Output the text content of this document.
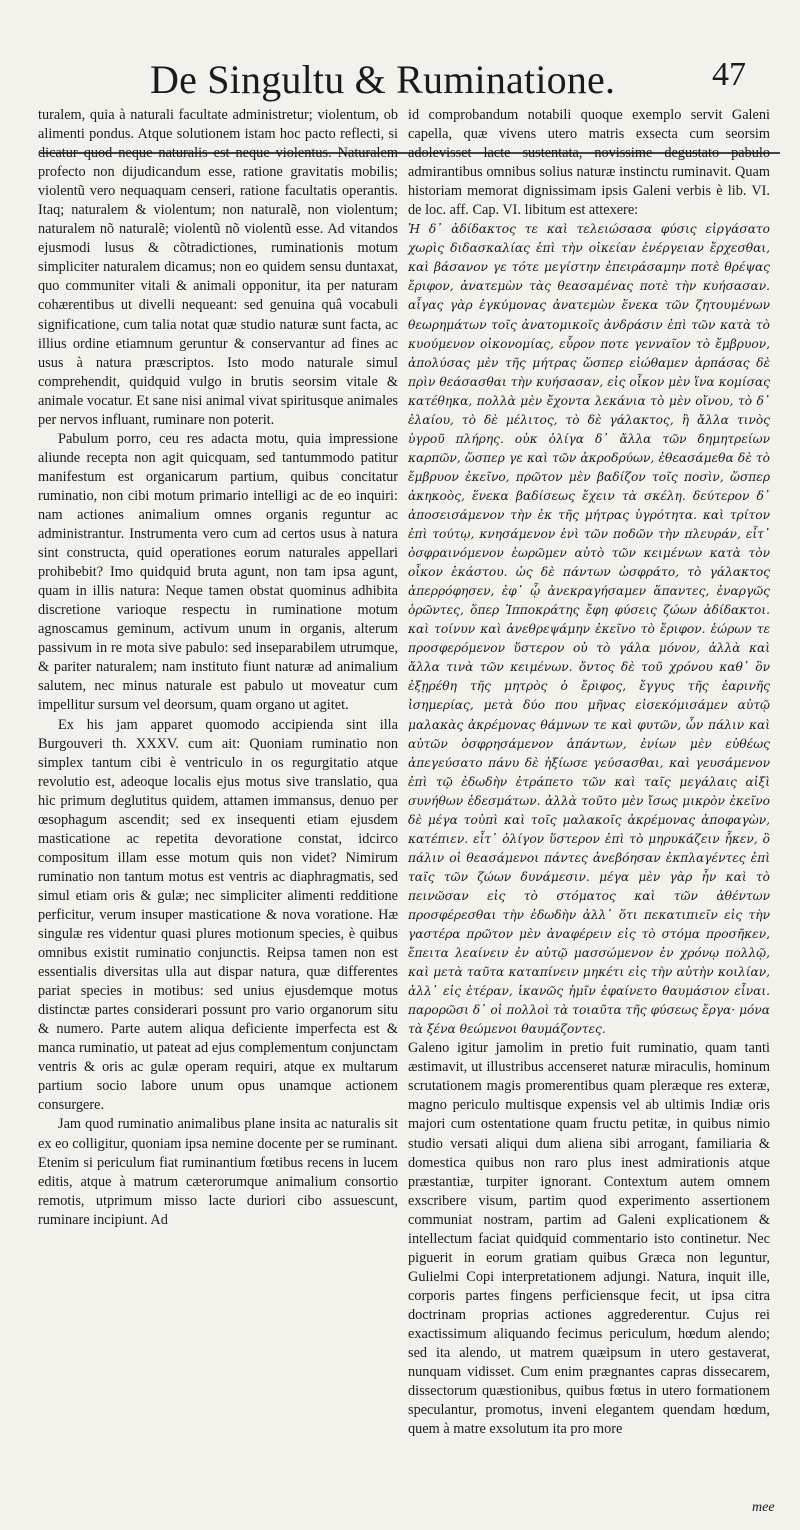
De Singultu & Ruminatione.	47

turalem, quia à naturali facultate administretur; violentum, ob alimenti pondus. Atque solutionem istam hoc pacto reflecti, si dicatur quod neque naturalis est neque violentus. Naturalem profecto non dijudicandum esse, ratione gravitatis mobilis; violentũ vero nequaquam censeri, ratione facultatis operantis. Itaq; naturalem & violentum; non naturalẽ, non violentum; naturalem nõ naturalẽ; violentũ nõ violentũ esse. Ad vitandos ejusmodi lusus & cõtradictiones, ruminationis motum simpliciter naturalem dicamus; non eo quidem sensu duntaxat, quo communiter vitali & animali opponitur, ita per naturam cohærentibus ut divelli nequeant: sed genuina quâ vocabuli significatione, cum talia notat quæ studio naturæ sunt facta, ac illius ordine etiamnum geruntur & conservantur ad fines ac usus à natura præscriptos. Isto modo naturale simul comprehendit, quidquid vulgo in brutis seorsim vitale & animale vocatur. Et sane nisi animal vivat spiritusque animales per nervos influant, ruminare non poterit.

Pabulum porro, ceu res adacta motu, quia impressione aliunde recepta non agit quicquam, sed tantummodo patitur manifestum est organicarum partium, quibus concitatur ruminatio, non cibi motum primario intelligi ac de eo inquiri: nam actiones animalium omnes organis reguntur ac administrantur. Instrumenta vero cum ad certos usus à natura sint constructa, quid operationes eorum naturales appellari prohibebit? Imo quidquid bruta agunt, non tam ipsa agunt, quam in illis natura: Neque tamen obstat quominus adhibita discretione varioque respectu in ruminatione motum agnoscamus geminum, activum unum in organis, alterum passivum in re mota sive pabulo: sed inseparabilem utrumque, & pariter naturalem; nam instituto fiunt naturæ ad animalium salutem, nec minus naturale est pabulo ut moveatur cum impellitur sursum vel deorsum, quam organo ut agitet.

Ex his jam apparet quomodo accipienda sint illa Burgouveri th. XXXV. cum ait: Quoniam ruminatio non simplex tantum cibi è ventriculo in os regurgitatio atque revolutio est, adeoque localis ejus motus sive translatio, qua hic primum deglutitus quidem, attamen immansus, denuo per œsophagum ascendit; sed ex insequenti etiam ejusdem masticatione ac repetita devoratione constat, idcirco compositum illam esse motum quis non videt? Nimirum ruminatio non tantum motus est ventris ac diaphragmatis, sed simul etiam oris & gulæ; nec simpliciter alimenti redditione perficitur, verum insuper masticatione & nova voratione. Hæ singulæ res videntur quasi plures motionum species, è quibus omnibus existit ruminatio conjunctis. Reipsa tamen non est essentialis diversitas ulla aut dispar natura, quæ differentes pariat species in motibus: sed unius ejusdemque motus distinctæ partes considerari possunt pro vario organorum situ & numero. Parte autem aliqua deficiente imperfecta est & manca ruminatio, ut pateat ad ejus complementum conjunctam ventris & oris ac gulæ operam requiri, atque ex multarum partium socio labore unum opus unamque actionem consurgere.

Jam quod ruminatio animalibus plane insita ac naturalis sit ex eo colligitur, quoniam ipsa nemine docente per se ruminant. Etenim si periculum fiat ruminantium fœtibus recens in lucem editis, atque à matrum cæterorumque animalium consortio remotis, utprimum misso lacte duriori cibo assuescunt, ruminare incipiunt. Ad

id comprobandum notabili quoque exemplo servit Galeni capella, quæ vivens utero matris exsecta cum seorsim adolevisset lacte sustentata, novissime degustato pabulo admirantibus omnibus solius naturæ instinctu ruminavit. Quam historiam memorat dignissimam ipsis Galeni verbis è lib. VI. de loc. aff. Cap. VI. libitum est attexere:

Ἡ δ᾽ ἀδίδακτος τε καὶ τελειώσασα φύσις εἰργάσατο χωρὶς διδασκαλίας ἐπὶ τὴν οἰκείαν ἐνέργειαν ἔρχεσθαι, καὶ βάσανον γε τότε μεγίστην ἐπειράσαμην ποτὲ θρέψας ἔριφον, ἀνατεμὼν τὰς θεασαμένας ποτὲ τὴν κυήσασαν. αἶγας γὰρ ἐγκύμονας ἀνατεμὼν ἕνεκα τῶν ζητουμένων θεωρημάτων τοῖς ἀνατομικοῖς ἀνδράσιν ἐπὶ τῶν κατὰ τὸ κυούμενον οἰκονομίας, εὗρον ποτε γενναῖον τὸ ἔμβρυον, ἀπολύσας μὲν τῆς μήτρας ὥσπερ εἰώθαμεν ἁρπάσας δὲ πρὶν θεάσασθαι τὴν κυήσασαν, εἰς οἶκον μὲν ἵνα κομίσας κατέθηκα, πολλὰ μὲν ἔχοντα λεκάνια τὸ μὲν οἴνου, τὸ δ᾽ ἐλαίου, τὸ δὲ μέλιτος, τὸ δὲ γάλακτος, ἢ ἄλλα τινὸς ὑγροῦ πλήρης. οὐκ ὀλίγα δ᾽ ἄλλα τῶν δημητρείων καρπῶν, ὥσπερ γε καὶ τῶν ἀκροδρύων, ἐθεασάμεθα δὲ τὸ ἔμβρυον ἐκεῖνο, πρῶτον μὲν βαδίζον τοῖς ποσὶν, ὥσπερ ἀκηκοὸς, ἕνεκα βαδίσεως ἔχειν τὰ σκέλη. δεύτερον δ᾽ ἀποσεισάμενον τὴν ἐκ τῆς μήτρας ὑγρότητα. καὶ τρίτον ἐπὶ τούτῳ, κνησάμενον ἑνὶ τῶν ποδῶν τὴν πλευράν, εἶτ᾽ ὀσφραινόμενον ἑωρῶμεν αὐτὸ τῶν κειμένων κατὰ τὸν οἶκον ἑκάστου. ὡς δὲ πάντων ὠσφράτο, τὸ γάλακτος ἀπερρόφησεν, ἐφ᾽ ᾧ ἀνεκραγήσαμεν ἅπαντες, ἐναργῶς ὁρῶντες, ὅπερ Ἱπποκράτης ἔφη φύσεις ζώων ἀδίδακτοι. καὶ τοίνυν καὶ ἀνεθρεψάμην ἐκεῖνο τὸ ἔριφον. ἑώρων τε προσφερόμενον ὕστερον οὐ τὸ γάλα μόνον, ἀλλὰ καὶ ἄλλα τινὰ τῶν κειμένων. ὄντος δὲ τοῦ χρόνου καθ᾽ ὃν ἐξῃρέθη τῆς μητρὸς ὁ ἔριφος, ἔγγυς τῆς ἐαρινῆς ἰσημερίας, μετὰ δύο που μῆνας εἰσεκόμισάμεν αὐτῷ μαλακὰς ἀκρέμονας θάμνων τε καὶ φυτῶν, ὧν πάλιν καὶ αὐτῶν ὀσφρησάμενον ἁπάντων, ἐνίων μὲν εὐθέως ἀπεγεύσατο πάνυ δὲ ἠξίωσε γεύσασθαι, καὶ γευσάμενον ἐπὶ τῷ ἐδωδὴν ἐτράπετο τῶν καὶ ταῖς μεγάλαις αἰξὶ συνήθων ἐδεσμάτων. ἀλλὰ τοῦτο μὲν ἴσως μικρὸν ἐκεῖνο δὲ μέγα τοὐπὶ καὶ τοῖς μαλακοῖς ἀκρέμονας ἀποφαγὼν, κατέπιεν. εἶτ᾽ ὀλίγον ὕστερον ἐπὶ τὸ μηρυκάζειν ἧκεν, ὃ πάλιν οἱ θεασάμενοι πάντες ἀνεβόησαν ἐκπλαγέντες ἐπὶ ταῖς τῶν ζώων δυνάμεσιν. μέγα μὲν γὰρ ἦν καὶ τὸ πεινῶσαν εἰς τὸ στόματος καὶ τῶν ἀθέντων προσφέρεσθαι τὴν ἐδωδὴν ἀλλ᾽ ὅτι πεκατιπιεῖν εἰς τὴν γαστέρα πρῶτον μὲν ἀναφέρειν εἰς τὸ στόμα προσῆκεν, ἔπειτα λεαίνειν ἐν αὐτῷ μασσώμενον ἐν χρόνῳ πολλῷ, καὶ μετὰ ταῦτα καταπίνειν μηκέτι εἰς τὴν αὐτὴν κοιλίαν, ἀλλ᾽ εἰς ἑτέραν, ἱκανῶς ἡμῖν ἐφαίνετο θαυμάσιον εἶναι. παρορῶσι δ᾽ οἱ πολλοὶ τὰ τοιαῦτα τῆς φύσεως ἔργα· μόνα τὰ ξένα θεώμενοι θαυμάζοντες.

Galeno igitur jamolim in pretio fuit ruminatio, quam tanti æstimavit, ut illustribus accenseret naturæ miraculis, hominum scrutationem magis promerentibus quam pleræque res exteræ, magno periculo multisque expensis vel ab ultimis Indiæ oris majori cum ostentatione quam fructu petitæ, in quibus nimio studio versati aliqui dum aliena sibi arrogant, familiaria & domestica quibus non raro plus inest admirationis atque præstantiæ, turpiter ignorant. Contextum autem omnem exscribere visum, partim quod experimento assertionem communiat nostram, partim ad Galeni explicationem & intellectum faciat quidquid commentario isto continetur. Nec piguerit in eorum gratiam quibus Græca non leguntur, Gulielmi Copi interpretationem adjungi. Natura, inquit ille, corporis partes fingens perficiensque fecit, ut ipsa citra doctrinam proprias actiones aggrederentur. Cujus rei exactissimum aliquando fecimus periculum, hœdum alendo; sed ita alendo, ut matrem quæipsum in utero gestaverat, nunquam vidisset. Cum enim prægnantes capras dissecarem, dissectorum quæstionibus, quibus fœtus in utero formationem speculantur, promotus, inveni elegantem quendam hœdum, quem à matre exsolutum ita pro more

mee
